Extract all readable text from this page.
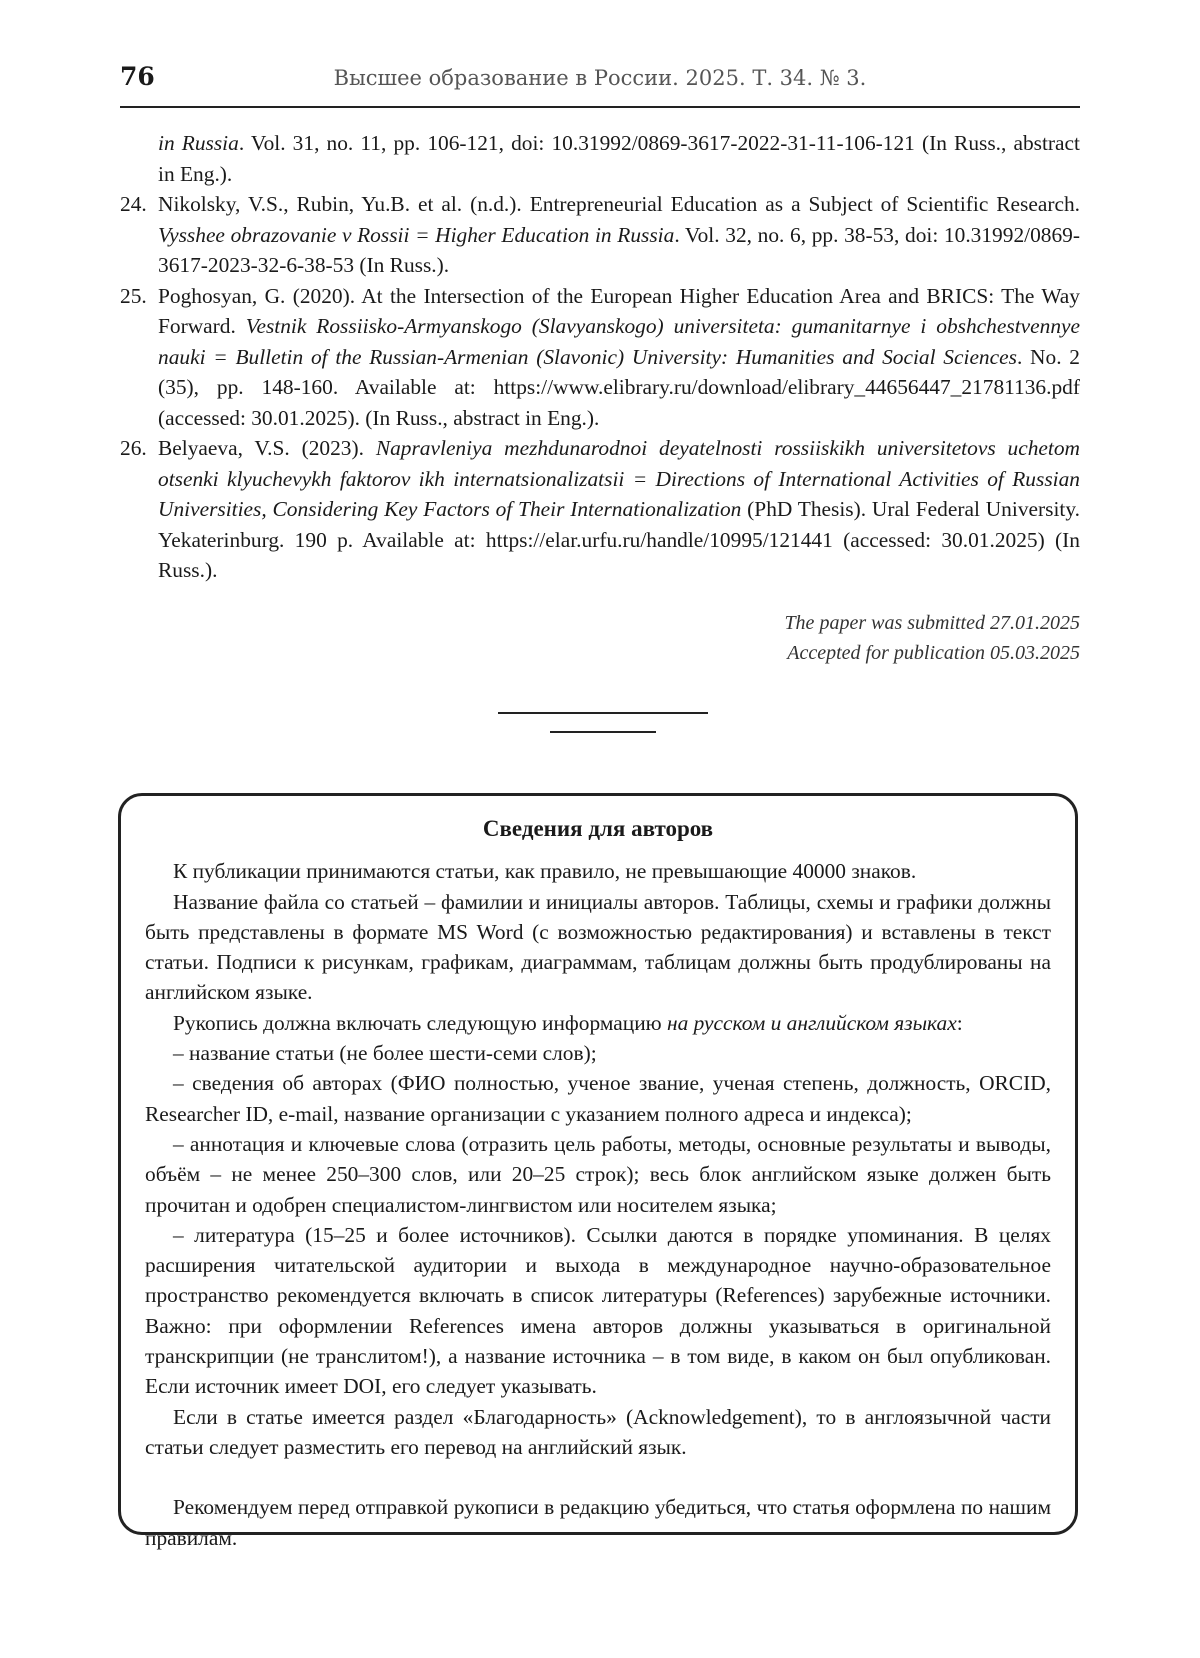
76	Высшее образование в России. 2025. Т. 34. № 3.
in Russia. Vol. 31, no. 11, pp. 106-121, doi: 10.31992/0869-3617-2022-31-11-106-121 (In Russ., abstract in Eng.).
24. Nikolsky, V.S., Rubin, Yu.B. et al. (n.d.). Entrepreneurial Education as a Subject of Scientific Research. Vysshee obrazovanie v Rossii = Higher Education in Russia. Vol. 32, no. 6, pp. 38-53, doi: 10.31992/0869-3617-2023-32-6-38-53 (In Russ.).
25. Poghosyan, G. (2020). At the Intersection of the European Higher Education Area and BRICS: The Way Forward. Vestnik Rossiisko-Armyanskogo (Slavyanskogo) universiteta: gumanitarnye i obshchestvennye nauki = Bulletin of the Russian-Armenian (Slavonic) University: Humanities and Social Sciences. No. 2 (35), pp. 148-160. Available at: https://www.elibrary.ru/download/elibrary_44656447_21781136.pdf (accessed: 30.01.2025). (In Russ., abstract in Eng.).
26. Belyaeva, V.S. (2023). Napravleniya mezhdunarodnoi deyatelnosti rossiiskikh universitetovs uchetom otsenki klyuchevykh faktorov ikh internatsionalizatsii = Directions of International Activities of Russian Universities, Considering Key Factors of Their Internationalization (PhD Thesis). Ural Federal University. Yekaterinburg. 190 p. Available at: https://elar.urfu.ru/handle/10995/121441 (accessed: 30.01.2025) (In Russ.).
The paper was submitted 27.01.2025
Accepted for publication 05.03.2025
Сведения для авторов

К публикации принимаются статьи, как правило, не превышающие 40000 знаков.

Название файла со статьей – фамилии и инициалы авторов. Таблицы, схемы и графики должны быть представлены в формате MS Word (с возможностью редактирования) и вставлены в текст статьи. Подписи к рисункам, графикам, диаграммам, таблицам должны быть продублированы на английском языке.

Рукопись должна включать следующую информацию на русском и английском языках:

– название статьи (не более шести-семи слов);

– сведения об авторах (ФИО полностью, ученое звание, ученая степень, должность, ORCID, Researcher ID, e-mail, название организации с указанием полного адреса и индекса);

– аннотация и ключевые слова (отразить цель работы, методы, основные результаты и выводы, объём – не менее 250–300 слов, или 20–25 строк); весь блок английском языке должен быть прочитан и одобрен специалистом-лингвистом или носителем языка;

– литература (15–25 и более источников). Ссылки даются в порядке упоминания. В целях расширения читательской аудитории и выхода в международное научно-образовательное пространство рекомендуется включать в список литературы (References) зарубежные источники. Важно: при оформлении References имена авторов должны указываться в оригинальной транскрипции (не транслитом!), а название источника – в том виде, в каком он был опубликован. Если источник имеет DOI, его следует указывать.

Если в статье имеется раздел «Благодарность» (Acknowledgement), то в англоязычной части статьи следует разместить его перевод на английский язык.

Рекомендуем перед отправкой рукописи в редакцию убедиться, что статья оформлена по нашим правилам.
